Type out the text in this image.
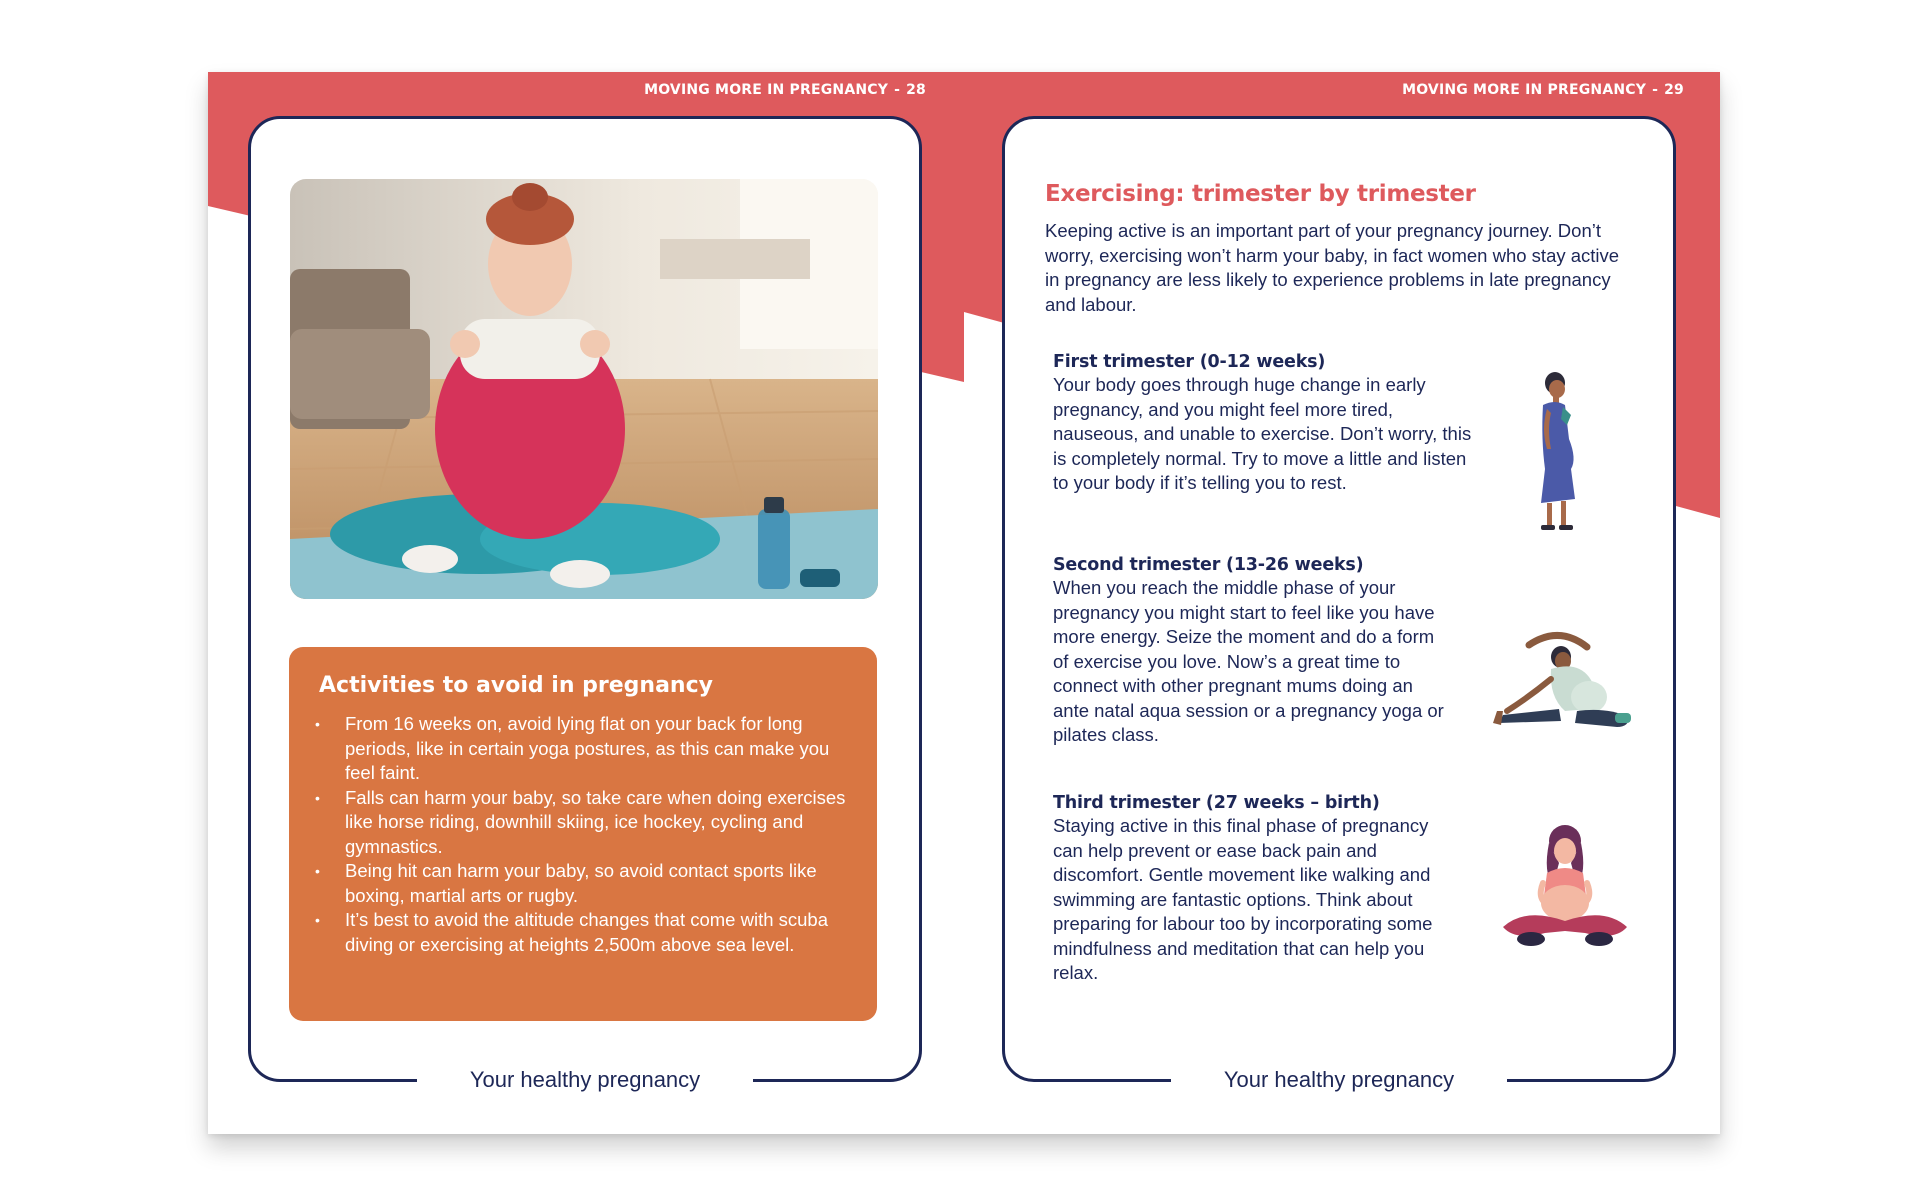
MOVING MORE IN PREGNANCY - 28
Activities to avoid in pregnancy
• From 16 weeks on, avoid lying flat on your back for long periods, like in certain yoga postures, as this can make you feel faint.
• Falls can harm your baby, so take care when doing exercises like horse riding, downhill skiing, ice hockey, cycling and gymnastics.
• Being hit can harm your baby, so avoid contact sports like boxing, martial arts or rugby.
• It’s best to avoid the altitude changes that come with scuba diving or exercising at heights 2,500m above sea level.
Your healthy pregnancy
MOVING MORE IN PREGNANCY - 29
Exercising: trimester by trimester

Keeping active is an important part of your pregnancy journey. Don’t worry, exercising won’t harm your baby, in fact women who stay active in pregnancy are less likely to experience problems in late pregnancy and labour.

First trimester (0-12 weeks)

Your body goes through huge change in early pregnancy, and you might feel more tired, nauseous, and unable to exercise. Don’t worry, this is completely normal. Try to move a little and listen to your body if it’s telling you to rest.

Second trimester (13-26 weeks)

When you reach the middle phase of your pregnancy you might start to feel like you have more energy. Seize the moment and do a form of exercise you love. Now’s a great time to connect with other pregnant mums doing an ante natal aqua session or a pregnancy yoga or pilates class.

Third trimester (27 weeks – birth)

Staying active in this final phase of pregnancy can help prevent or ease back pain and discomfort. Gentle movement like walking and swimming are fantastic options. Think about preparing for labour too by incorporating some mindfulness and meditation that can help you relax.

Your healthy pregnancy
